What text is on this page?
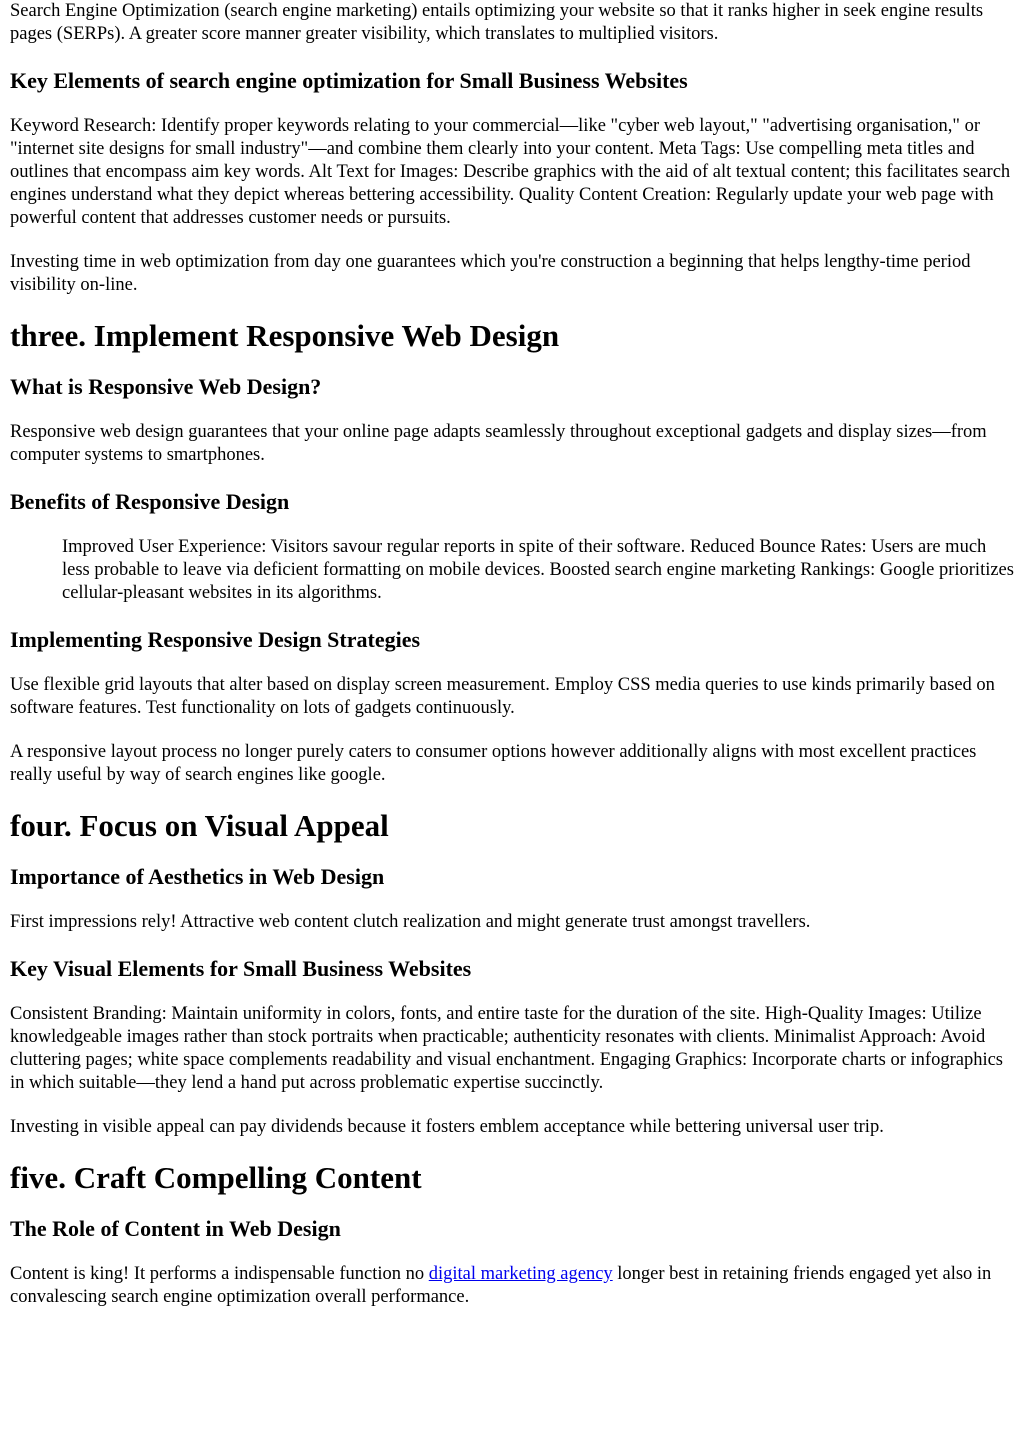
Search Engine Optimization (search engine marketing) entails optimizing your website so that it ranks higher in seek engine results pages (SERPs). A greater score manner greater visibility, which translates to multiplied visitors.

Key Elements of search engine optimization for Small Business Websites

Keyword Research: Identify proper keywords relating to your commercial—like "cyber web layout," "advertising organisation," or "internet site designs for small industry"—and combine them clearly into your content. Meta Tags: Use compelling meta titles and outlines that encompass aim key words. Alt Text for Images: Describe graphics with the aid of alt textual content; this facilitates search engines understand what they depict whereas bettering accessibility. Quality Content Creation: Regularly update your web page with powerful content that addresses customer needs or pursuits.

Investing time in web optimization from day one guarantees which you're construction a beginning that helps lengthy-time period visibility on-line.

three. Implement Responsive Web Design
What is Responsive Web Design?

Responsive web design guarantees that your online page adapts seamlessly throughout exceptional gadgets and display sizes—from computer systems to smartphones.

Benefits of Responsive Design
Improved User Experience: Visitors savour regular reports in spite of their software. Reduced Bounce Rates: Users are much less probable to leave via deficient formatting on mobile devices. Boosted search engine marketing Rankings: Google prioritizes cellular-pleasant websites in its algorithms.
Implementing Responsive Design Strategies

Use flexible grid layouts that alter based on display screen measurement. Employ CSS media queries to use kinds primarily based on software features. Test functionality on lots of gadgets continuously.

A responsive layout process no longer purely caters to consumer options however additionally aligns with most excellent practices really useful by way of search engines like google.

four. Focus on Visual Appeal
Importance of Aesthetics in Web Design

First impressions rely! Attractive web content clutch realization and might generate trust amongst travellers.

Key Visual Elements for Small Business Websites

Consistent Branding: Maintain uniformity in colors, fonts, and entire taste for the duration of the site. High-Quality Images: Utilize knowledgeable images rather than stock portraits when practicable; authenticity resonates with clients. Minimalist Approach: Avoid cluttering pages; white space complements readability and visual enchantment. Engaging Graphics: Incorporate charts or infographics in which suitable—they lend a hand put across problematic expertise succinctly.

Investing in visible appeal can pay dividends because it fosters emblem acceptance while bettering universal user trip.

five. Craft Compelling Content
The Role of Content in Web Design

Content is king! It performs a indispensable function no digital marketing agency longer best in retaining friends engaged yet also in convalescing search engine optimization overall performance.
